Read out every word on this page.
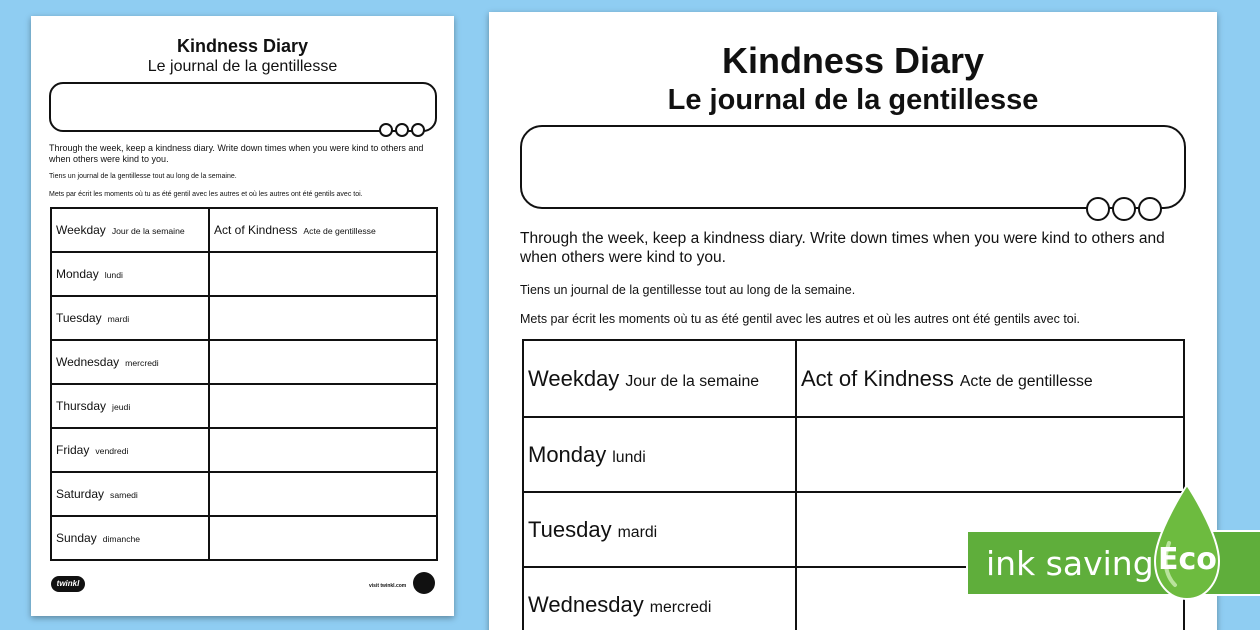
Kindness Diary
Le journal de la gentillesse
Through the week, keep a kindness diary. Write down times when you were kind to others and when others were kind to you.
Tiens un journal de la gentillesse tout au long de la semaine.
Mets par écrit les moments où tu as été gentil avec les autres et où les autres ont été gentils avec toi.
Weekday Jour de la semaine	Act of Kindness Acte de gentillesse
Monday lundi	
Tuesday mardi	
Wednesday mercredi	
Thursday jeudi	
Friday vendredi	
Saturday samedi	
Sunday dimanche	
twinkl	visit twinkl.com
Kindness Diary
Le journal de la gentillesse
Through the week, keep a kindness diary. Write down times when you were kind to others and when others were kind to you.
Tiens un journal de la gentillesse tout au long de la semaine.
Mets par écrit les moments où tu as été gentil avec les autres et où les autres ont été gentils avec toi.
Weekday Jour de la semaine	Act of Kindness Acte de gentillesse
Monday lundi	
Tuesday mardi	
Wednesday mercredi	
ink saving Eco
